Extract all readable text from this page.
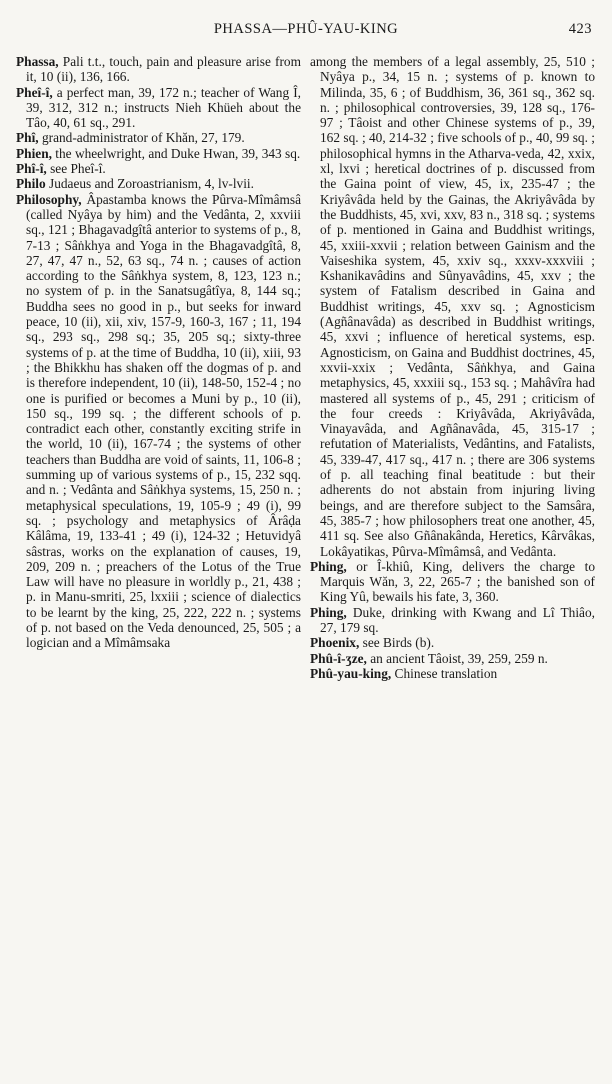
PHASSA—PHÛ-YAU-KING	423

Phassa, Pali t.t., touch, pain and pleasure arise from it, 10 (ii), 136, 166.

Pheî-î, a perfect man, 39, 172 n.; teacher of Wang Î, 39, 312, 312 n.; instructs Nieh Khüeh about the Tâo, 40, 61 sq., 291.

Phî, grand-administrator of Khăn, 27, 179.

Phien, the wheelwright, and Duke Hwan, 39, 343 sq.

Phî-î, see Pheî-î.

Philo Judaeus and Zoroastrianism, 4, lv-lvii.

Philosophy, Âpastamba knows the Pûrva-Mîmâmsâ (called Nyâya by him) and the Vedânta, 2, xxviii sq., 121 ; Bhagavadgîtâ anterior to systems of p., 8, 7-13 ; Sâṅkhya and Yoga in the Bhagavadgîtâ, 8, 27, 47, 47 n., 52, 63 sq., 74 n. ; causes of action according to the Sâṅkhya system, 8, 123, 123 n.; no system of p. in the Sanatsugâtîya, 8, 144 sq.; Buddha sees no good in p., but seeks for inward peace, 10 (ii), xii, xiv, 157-9, 160-3, 167 ; 11, 194 sq., 293 sq., 298 sq.; 35, 205 sq.; sixty-three systems of p. at the time of Buddha, 10 (ii), xiii, 93 ; the Bhikkhu has shaken off the dogmas of p. and is therefore independent, 10 (ii), 148-50, 152-4 ; no one is purified or becomes a Muni by p., 10 (ii), 150 sq., 199 sq. ; the different schools of p. contradict each other, constantly exciting strife in the world, 10 (ii), 167-74 ; the systems of other teachers than Buddha are void of saints, 11, 106-8 ; summing up of various systems of p., 15, 232 sqq. and n. ; Vedânta and Sâṅkhya systems, 15, 250 n. ; metaphysical speculations, 19, 105-9 ; 49 (i), 99 sq. ; psychology and metaphysics of Ârâḍa Kâlâma, 19, 133-41 ; 49 (i), 124-32 ; Hetuvidyâ sâstras, works on the explanation of causes, 19, 209, 209 n. ; preachers of the Lotus of the True Law will have no pleasure in worldly p., 21, 438 ; p. in Manu-smriti, 25, lxxiii ; science of dialectics to be learnt by the king, 25, 222, 222 n. ; systems of p. not based on the Veda denounced, 25, 505 ; a logician and a Mîmâmsaka

among the members of a legal assembly, 25, 510 ; Nyâya p., 34, 15 n. ; systems of p. known to Milinda, 35, 6 ; of Buddhism, 36, 361 sq., 362 sq. n. ; philosophical controversies, 39, 128 sq., 176-97 ; Tâoist and other Chinese systems of p., 39, 162 sq. ; 40, 214-32 ; five schools of p., 40, 99 sq. ; philosophical hymns in the Atharva-veda, 42, xxix, xl, lxvi ; heretical doctrines of p. discussed from the Gaina point of view, 45, ix, 235-47 ; the Kriyâvâda held by the Gainas, the Akriyâvâda by the Buddhists, 45, xvi, xxv, 83 n., 318 sq. ; systems of p. mentioned in Gaina and Buddhist writings, 45, xxiii-xxvii ; relation between Gainism and the Vaiseshika system, 45, xxiv sq., xxxv-xxxviii ; Kshanikavâdins and Sûnyavâdins, 45, xxv ; the system of Fatalism described in Gaina and Buddhist writings, 45, xxv sq. ; Agnosticism (Agñânavâda) as described in Buddhist writings, 45, xxvi ; influence of heretical systems, esp. Agnosticism, on Gaina and Buddhist doctrines, 45, xxvii-xxix ; Vedânta, Sâṅkhya, and Gaina metaphysics, 45, xxxiii sq., 153 sq. ; Mahâvîra had mastered all systems of p., 45, 291 ; criticism of the four creeds : Kriyâvâda, Akriyâvâda, Vinayavâda, and Agñânavâda, 45, 315-17 ; refutation of Materialists, Vedântins, and Fatalists, 45, 339-47, 417 sq., 417 n. ; there are 306 systems of p. all teaching final beatitude : but their adherents do not abstain from injuring living beings, and are therefore subject to the Samsâra, 45, 385-7 ; how philosophers treat one another, 45, 411 sq. See also Gñânakânda, Heretics, Kârvâkas, Lokâyatikas, Pûrva-Mîmâmsâ, and Vedânta.

Phing, or Î-khiû, King, delivers the charge to Marquis Wăn, 3, 22, 265-7 ; the banished son of King Yû, bewails his fate, 3, 360.

Phing, Duke, drinking with Kwang and Lî Thiâo, 27, 179 sq.

Phoenix, see Birds (b).

Phû-î-ʒze, an ancient Tâoist, 39, 259, 259 n.

Phû-yau-king, Chinese translation
